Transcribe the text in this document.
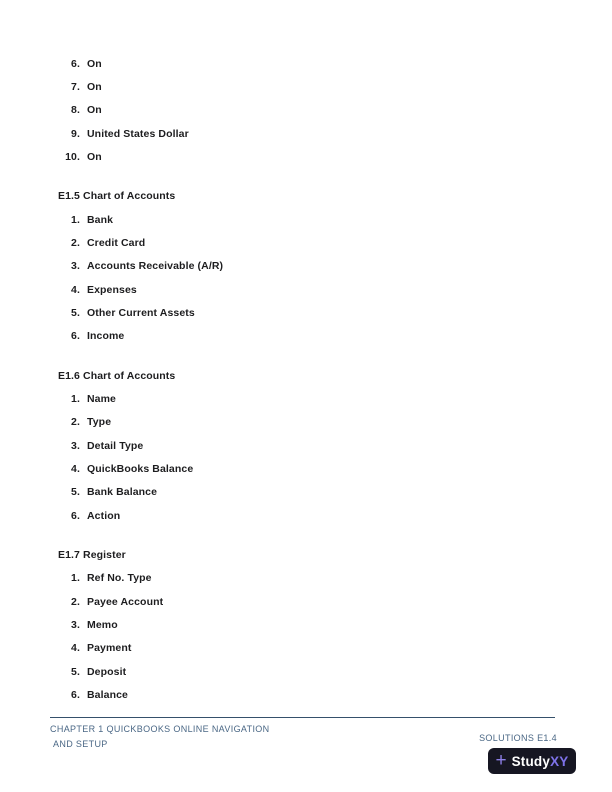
6. On
7. On
8. On
9. United States Dollar
10. On
E1.5 Chart of Accounts
1. Bank
2. Credit Card
3. Accounts Receivable (A/R)
4. Expenses
5. Other Current Assets
6. Income
E1.6 Chart of Accounts
1. Name
2. Type
3. Detail Type
4. QuickBooks Balance
5. Bank Balance
6. Action
E1.7 Register
1. Ref No. Type
2. Payee Account
3. Memo
4. Payment
5. Deposit
6. Balance
CHAPTER 1 QUICKBOOKS ONLINE NAVIGATION
AND SETUP
SOLUTIONS E1.4
+ StudyXY
